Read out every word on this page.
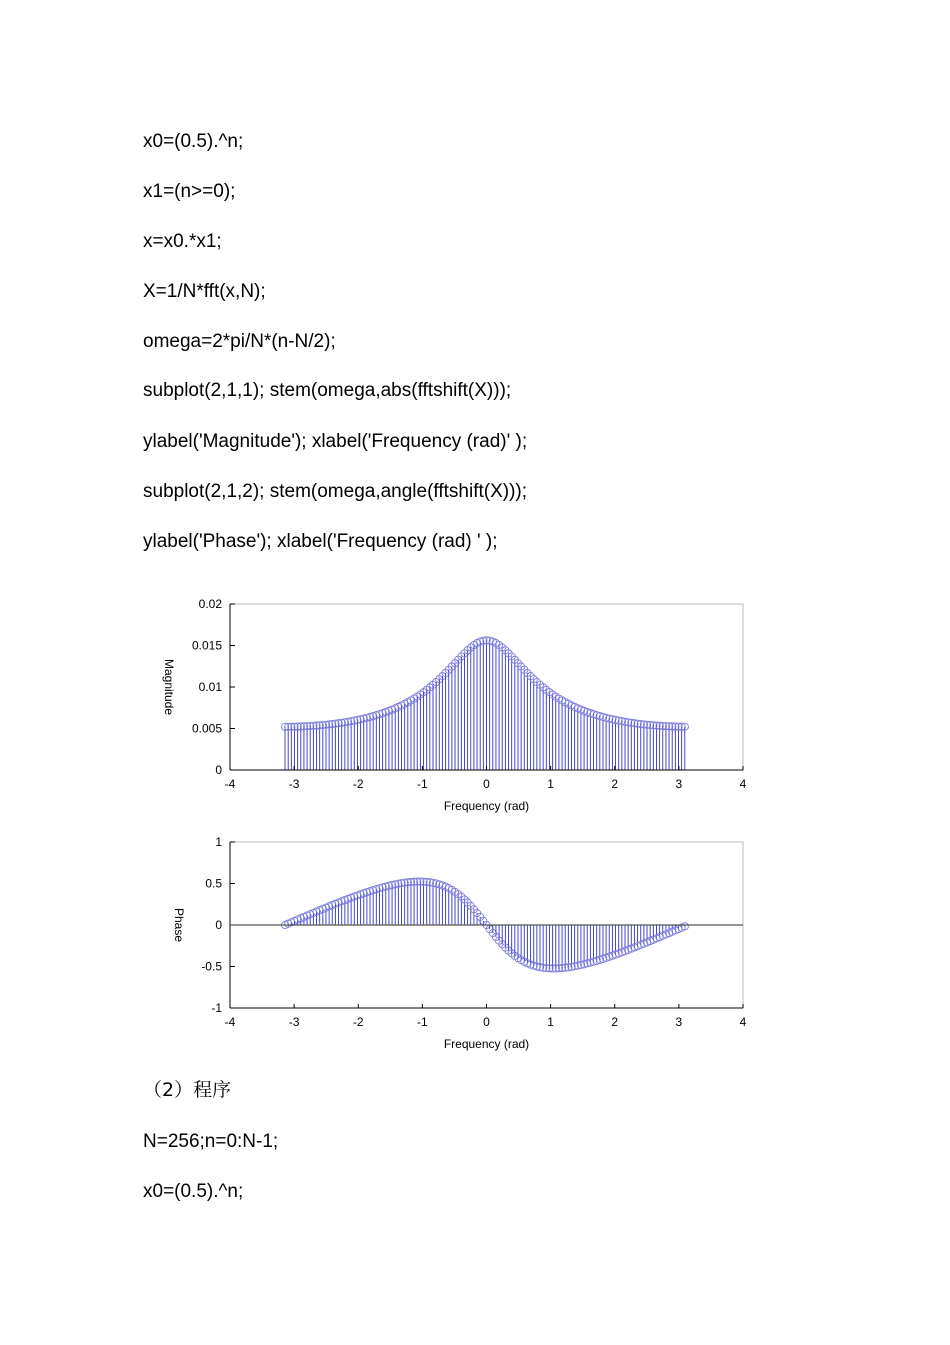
x0=(0.5).^n;
x1=(n>=0);
x=x0.*x1;
X=1/N*fft(x,N);
omega=2*pi/N*(n-N/2);
subplot(2,1,1); stem(omega,abs(fftshift(X)));
ylabel('Magnitude'); xlabel('Frequency (rad)' );
subplot(2,1,2); stem(omega,angle(fftshift(X)));
ylabel('Phase'); xlabel('Frequency (rad) ' );
-4	-3	-2	-1	0	1	2	3	4
0
0.005
0.01
0.015
0.02
Frequency (rad)
Magnitude
-4	-3	-2	-1	0	1	2	3	4
-1
-0.5
0
0.5
1
Frequency (rad)
Phase
（2）程序
N=256;n=0:N-1;
x0=(0.5).^n;
